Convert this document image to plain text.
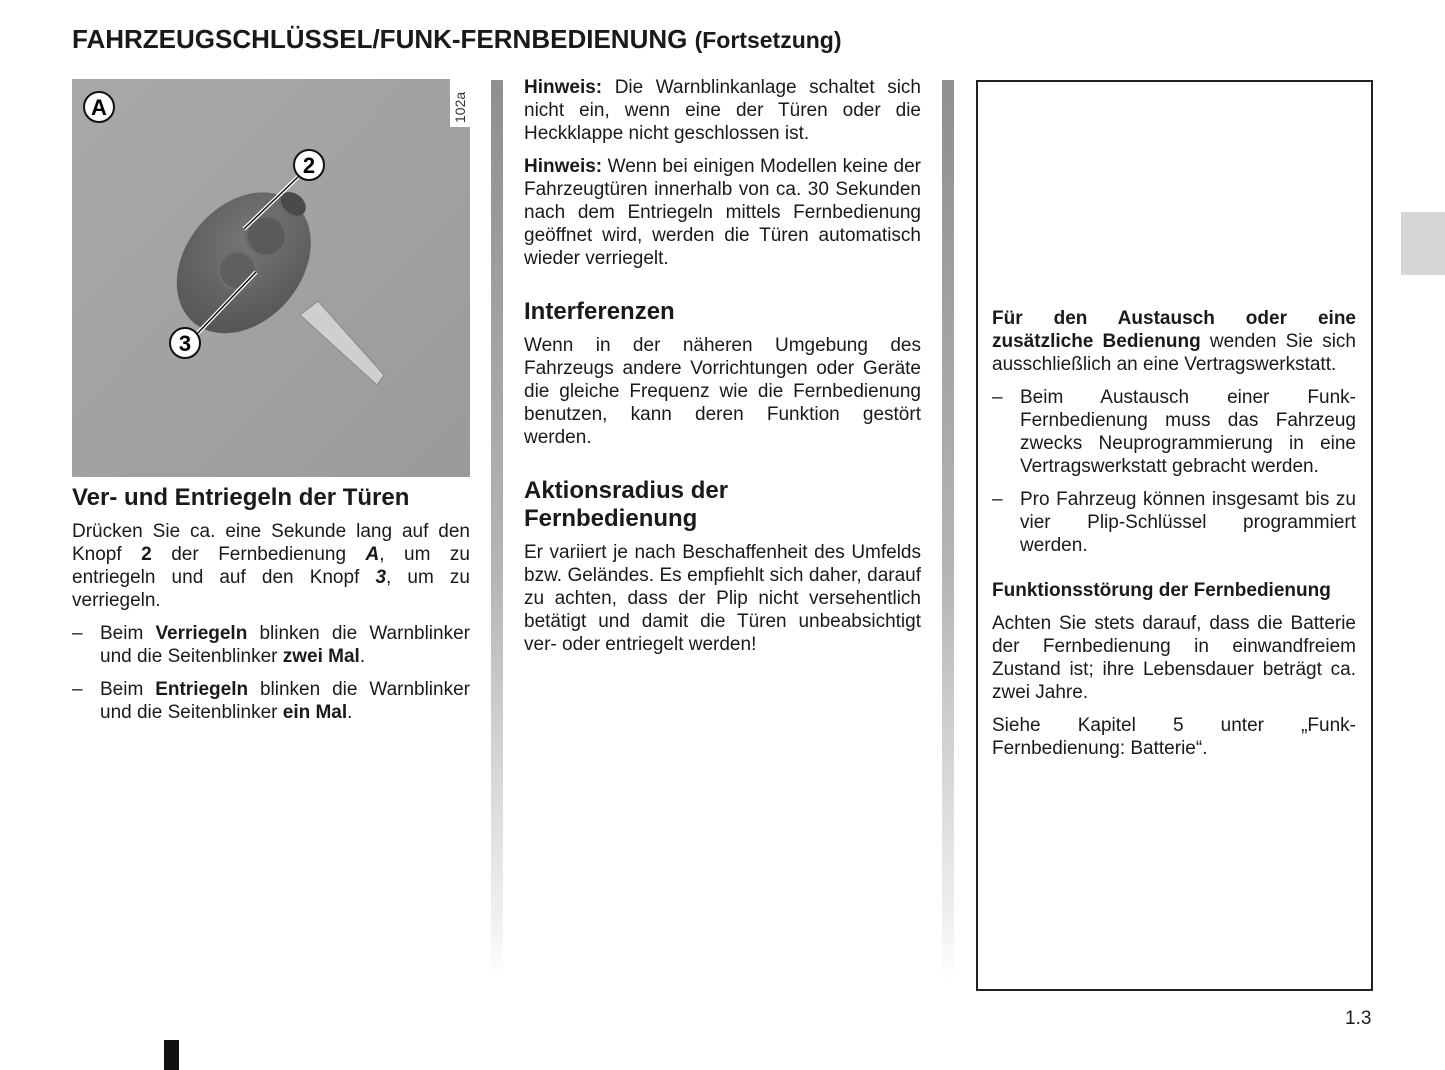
FAHRZEUGSCHLÜSSEL/FUNK-FERNBEDIENUNG (Fortsetzung)
102a
A
2
3
Ver- und Entriegeln der Türen

Drücken Sie ca. eine Sekunde lang auf den Knopf 2 der Fernbedienung A, um zu entriegeln und auf den Knopf 3, um zu verriegeln.

– Beim Verriegeln blinken die Warnblinker und die Seitenblinker zwei Mal.
– Beim Entriegeln blinken die Warnblinker und die Seitenblinker ein Mal.

Hinweis: Die Warnblinkanlage schaltet sich nicht ein, wenn eine der Türen oder die Heckklappe nicht geschlossen ist.

Hinweis: Wenn bei einigen Modellen keine der Fahrzeugtüren innerhalb von ca. 30 Sekunden nach dem Entriegeln mittels Fernbedienung geöffnet wird, werden die Türen automatisch wieder verriegelt.

Interferenzen

Wenn in der näheren Umgebung des Fahrzeugs andere Vorrichtungen oder Geräte die gleiche Frequenz wie die Fernbedienung benutzen, kann deren Funktion gestört werden.

Aktionsradius der Fernbedienung

Er variiert je nach Beschaffenheit des Umfelds bzw. Geländes. Es empfiehlt sich daher, darauf zu achten, dass der Plip nicht versehentlich betätigt und damit die Türen unbeabsichtigt ver- oder entriegelt werden!

Für den Austausch oder eine zusätzliche Bedienung wenden Sie sich ausschließlich an eine Vertragswerkstatt.

– Beim Austausch einer Funk-Fernbedienung muss das Fahrzeug zwecks Neuprogrammierung in eine Vertragswerkstatt gebracht werden.
– Pro Fahrzeug können insgesamt bis zu vier Plip-Schlüssel programmiert werden.
Funktionsstörung der Fernbedienung

Achten Sie stets darauf, dass die Batterie der Fernbedienung in einwandfreiem Zustand ist; ihre Lebensdauer beträgt ca. zwei Jahre.

Siehe Kapitel 5 unter „Funk-Fernbedienung: Batterie“.

1.3
